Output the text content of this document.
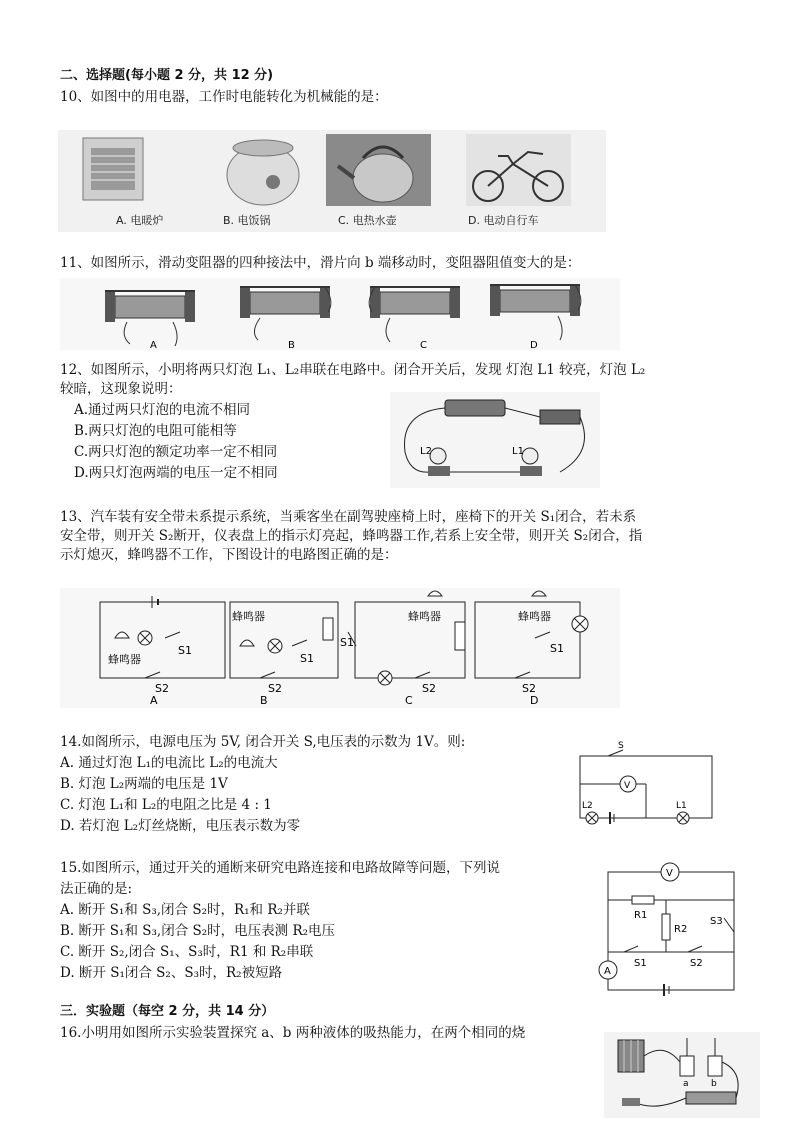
二、选择题(每小题 2 分，共 12 分)
10、如图中的用电器，工作时电能转化为机械能的是：
A. 电暖炉	B. 电饭锅	C. 电热水壶	D. 电动自行车
11、如图所示，滑动变阻器的四种接法中，滑片向 b 端移动时，变阻器阻值变大的是：
A	B	C	D
12、如图所示，小明将两只灯泡 L₁、L₂串联在电路中。闭合开关后，发现 灯泡 L1 较亮，灯泡 L₂
较暗，这现象说明：
A.通过两只灯泡的电流不相同
B.两只灯泡的电阻可能相等
C.两只灯泡的额定功率一定不相同
D.两只灯泡两端的电压一定不相同
L2	L1
13、汽车装有安全带未系提示系统，当乘客坐在副驾驶座椅上时，座椅下的开关 S₁闭合，若未系
安全带，则开关 S₂断开，仪表盘上的指示灯亮起，蜂鸣器工作,若系上安全带，则开关 S₂闭合，指
示灯熄灭，蜂鸣器不工作，下图设计的电路图正确的是：
蜂鸣器
S1
S2
A
蜂鸣器
S1
S2
B
蜂鸣器
S1
S2
C
蜂鸣器
S1
S2
D
14.如阁所示，电源电压为 5V, 闭合开关 S,电压表的示数为 1V。则:
A. 通过灯泡 L₁的电流比 L₂的电流大
B. 灯泡 L₂两端的电压是 1V
C. 灯泡 L₁和 L₂的电阻之比是 4 : 1
D. 若灯泡 L₂灯丝烧断，电压表示数为零
S
V
L2	L1
15.如图所示，通过开关的通断来研究电路连接和电路故障等问题，下列说
法正确的是:
A. 断开 S₁和 S₃,闭合 S₂时，R₁和 R₂并联
B. 断开 S₁和 S₃,闭合 S₂时，电压表测 R₂电压
C. 断开 S₂,闭合 S₁、S₃时，R1 和 R₂串联
D. 断开 S₁闭合 S₂、S₃时，R₂被短路
V
A
R1
R2
S1	S2
S3
三．实验题（每空 2 分，共 14 分）
16.小明用如图所示实验装置探究 a、b 两种液体的吸热能力，在两个相同的烧
a b
